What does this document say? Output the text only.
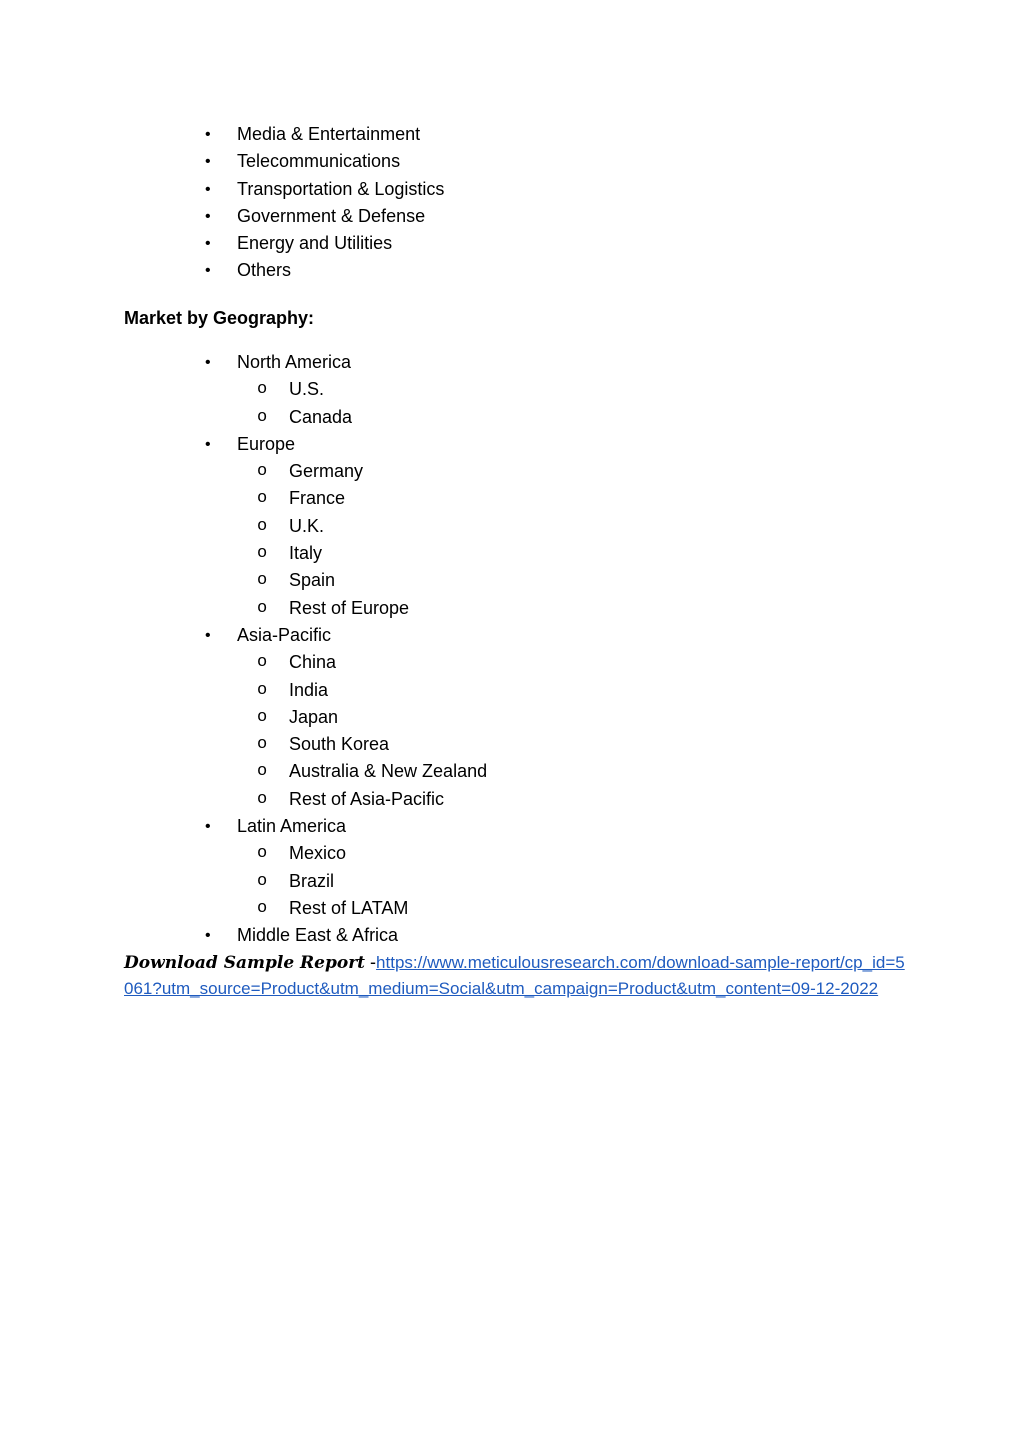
• Media & Entertainment
• Telecommunications
• Transportation & Logistics
• Government & Defense
• Energy and Utilities
• Others
Market by Geography:
• North America
o U.S.
o Canada
• Europe
o Germany
o France
o U.K.
o Italy
o Spain
o Rest of Europe
• Asia-Pacific
o China
o India
o Japan
o South Korea
o Australia & New Zealand
o Rest of Asia-Pacific
• Latin America
o Mexico
o Brazil
o Rest of LATAM
• Middle East & Africa
Download Sample Report -https://www.meticulousresearch.com/download-sample-report/cp_id=5061?utm_source=Product&utm_medium=Social&utm_campaign=Product&utm_content=09-12-2022
